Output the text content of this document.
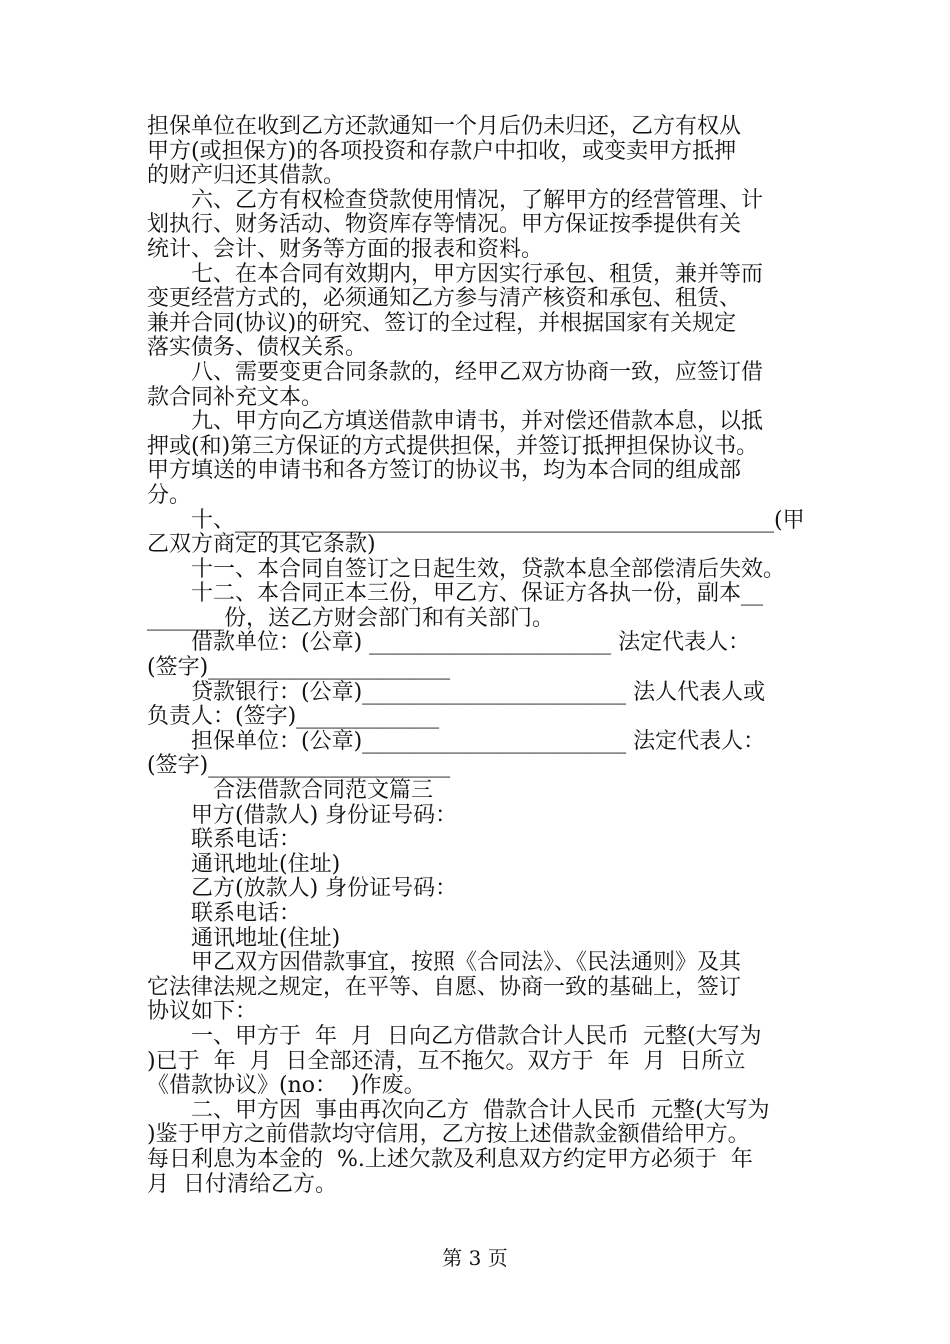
担保单位在收到乙方还款通知一个月后仍未归还，乙方有权从
甲方(或担保方)的各项投资和存款户中扣收，或变卖甲方抵押
的财产归还其借款。
　　六、乙方有权检查贷款使用情况，了解甲方的经营管理、计
划执行、财务活动、物资库存等情况。甲方保证按季提供有关
统计、会计、财务等方面的报表和资料。
　　七、在本合同有效期内，甲方因实行承包、租赁，兼并等而
变更经营方式的，必须通知乙方参与清产核资和承包、租赁、
兼并合同(协议)的研究、签订的全过程，并根据国家有关规定
落实债务、债权关系。
　　八、需要变更合同条款的，经甲乙双方协商一致，应签订借
款合同补充文本。
　　九、甲方向乙方填送借款申请书，并对偿还借款本息，以抵
押或(和)第三方保证的方式提供担保，并签订抵押担保协议书。
甲方填送的申请书和各方签订的协议书，均为本合同的组成部
分。
　　十、_________________________________________________(甲
乙双方商定的其它条款)
　　十一、本合同自签订之日起生效，贷款本息全部偿清后失效。
　　十二、本合同正本三份，甲乙方、保证方各执一份，副本__
_______份，送乙方财会部门和有关部门。
　　借款单位：(公章) ______________________ 法定代表人：
(签字)______________________
　　贷款银行：(公章)________________________ 法人代表人或
负责人：(签字)_____________
　　担保单位：(公章)________________________ 法定代表人：
(签字)______________________
　　　合法借款合同范文篇三
　　甲方(借款人) 身份证号码：
　　联系电话：
　　通讯地址(住址)
　　乙方(放款人) 身份证号码：
　　联系电话：
　　通讯地址(住址)
　　甲乙双方因借款事宜，按照《合同法》、《民法通则》及其
它法律法规之规定，在平等、自愿、协商一致的基础上，签订
协议如下：
　　一、甲方于  年  月  日向乙方借款合计人民币  元整(大写为
)已于  年  月  日全部还清，互不拖欠。双方于  年  月  日所立
《借款协议》(no：  )作废。
　　二、甲方因  事由再次向乙方  借款合计人民币  元整(大写为
)鉴于甲方之前借款均守信用，乙方按上述借款金额借给甲方。
每日利息为本金的  %.上述欠款及利息双方约定甲方必须于  年
月  日付清给乙方。
第 3 页
